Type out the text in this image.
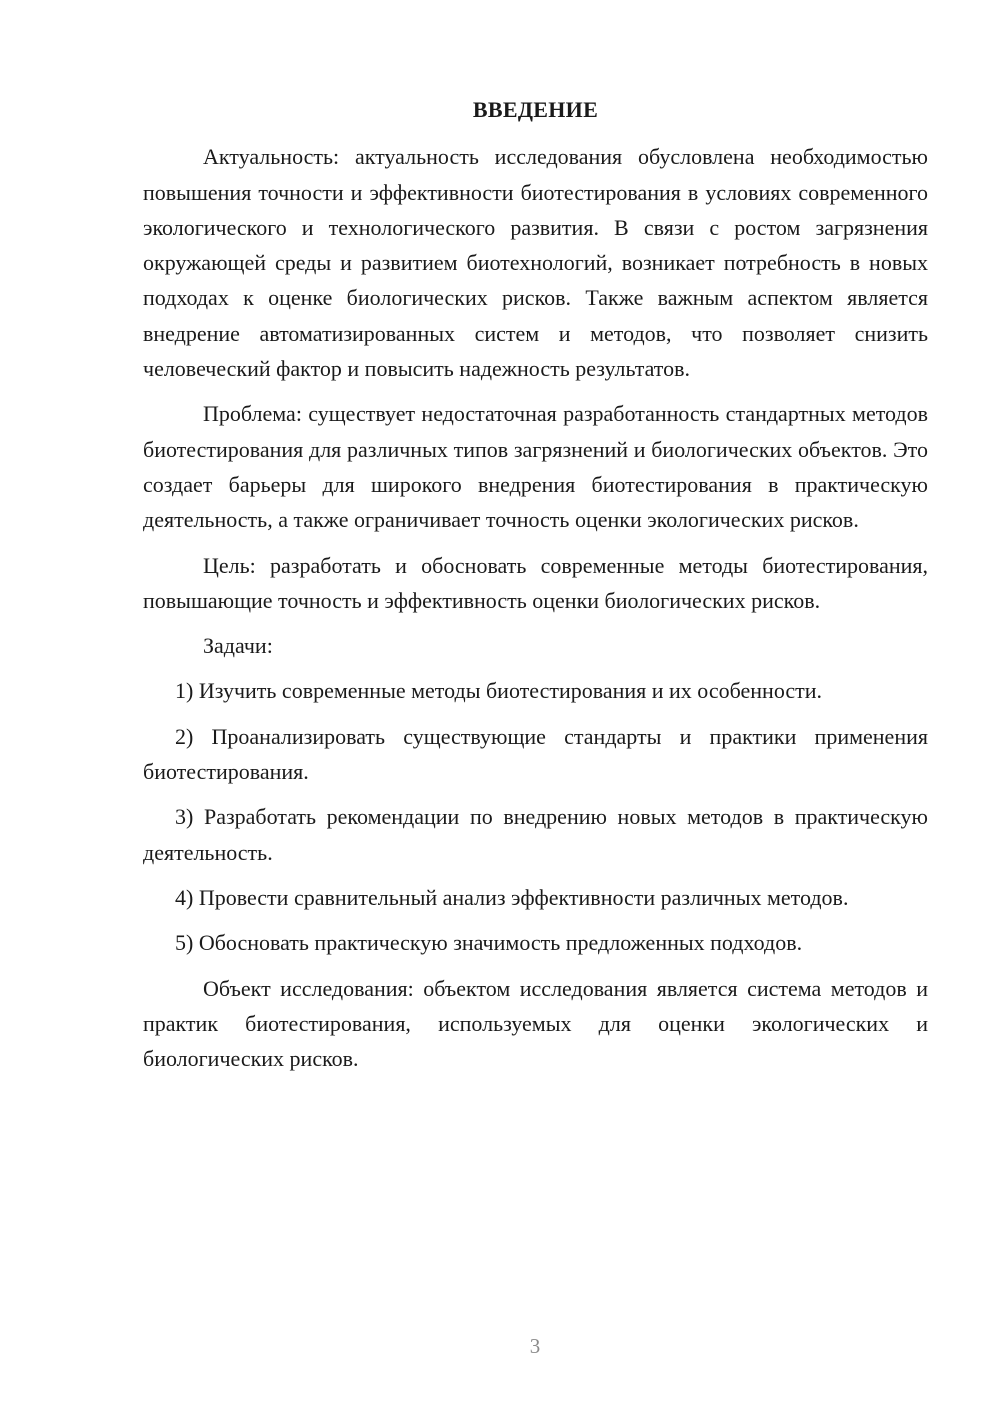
ВВЕДЕНИЕ

Актуальность: актуальность исследования обусловлена необходимостью повышения точности и эффективности биотестирования в условиях современного экологического и технологического развития. В связи с ростом загрязнения окружающей среды и развитием биотехнологий, возникает потребность в новых подходах к оценке биологических рисков. Также важным аспектом является внедрение автоматизированных систем и методов, что позволяет снизить человеческий фактор и повысить надежность результатов.

Проблема: существует недостаточная разработанность стандартных методов биотестирования для различных типов загрязнений и биологических объектов. Это создает барьеры для широкого внедрения биотестирования в практическую деятельность, а также ограничивает точность оценки экологических рисков.

Цель: разработать и обосновать современные методы биотестирования, повышающие точность и эффективность оценки биологических рисков.

Задачи:

1) Изучить современные методы биотестирования и их особенности.

2) Проанализировать существующие стандарты и практики применения биотестирования.

3) Разработать рекомендации по внедрению новых методов в практическую деятельность.

4) Провести сравнительный анализ эффективности различных методов.

5) Обосновать практическую значимость предложенных подходов.

Объект исследования: объектом исследования является система методов и практик биотестирования, используемых для оценки экологических и биологических рисков.

3
